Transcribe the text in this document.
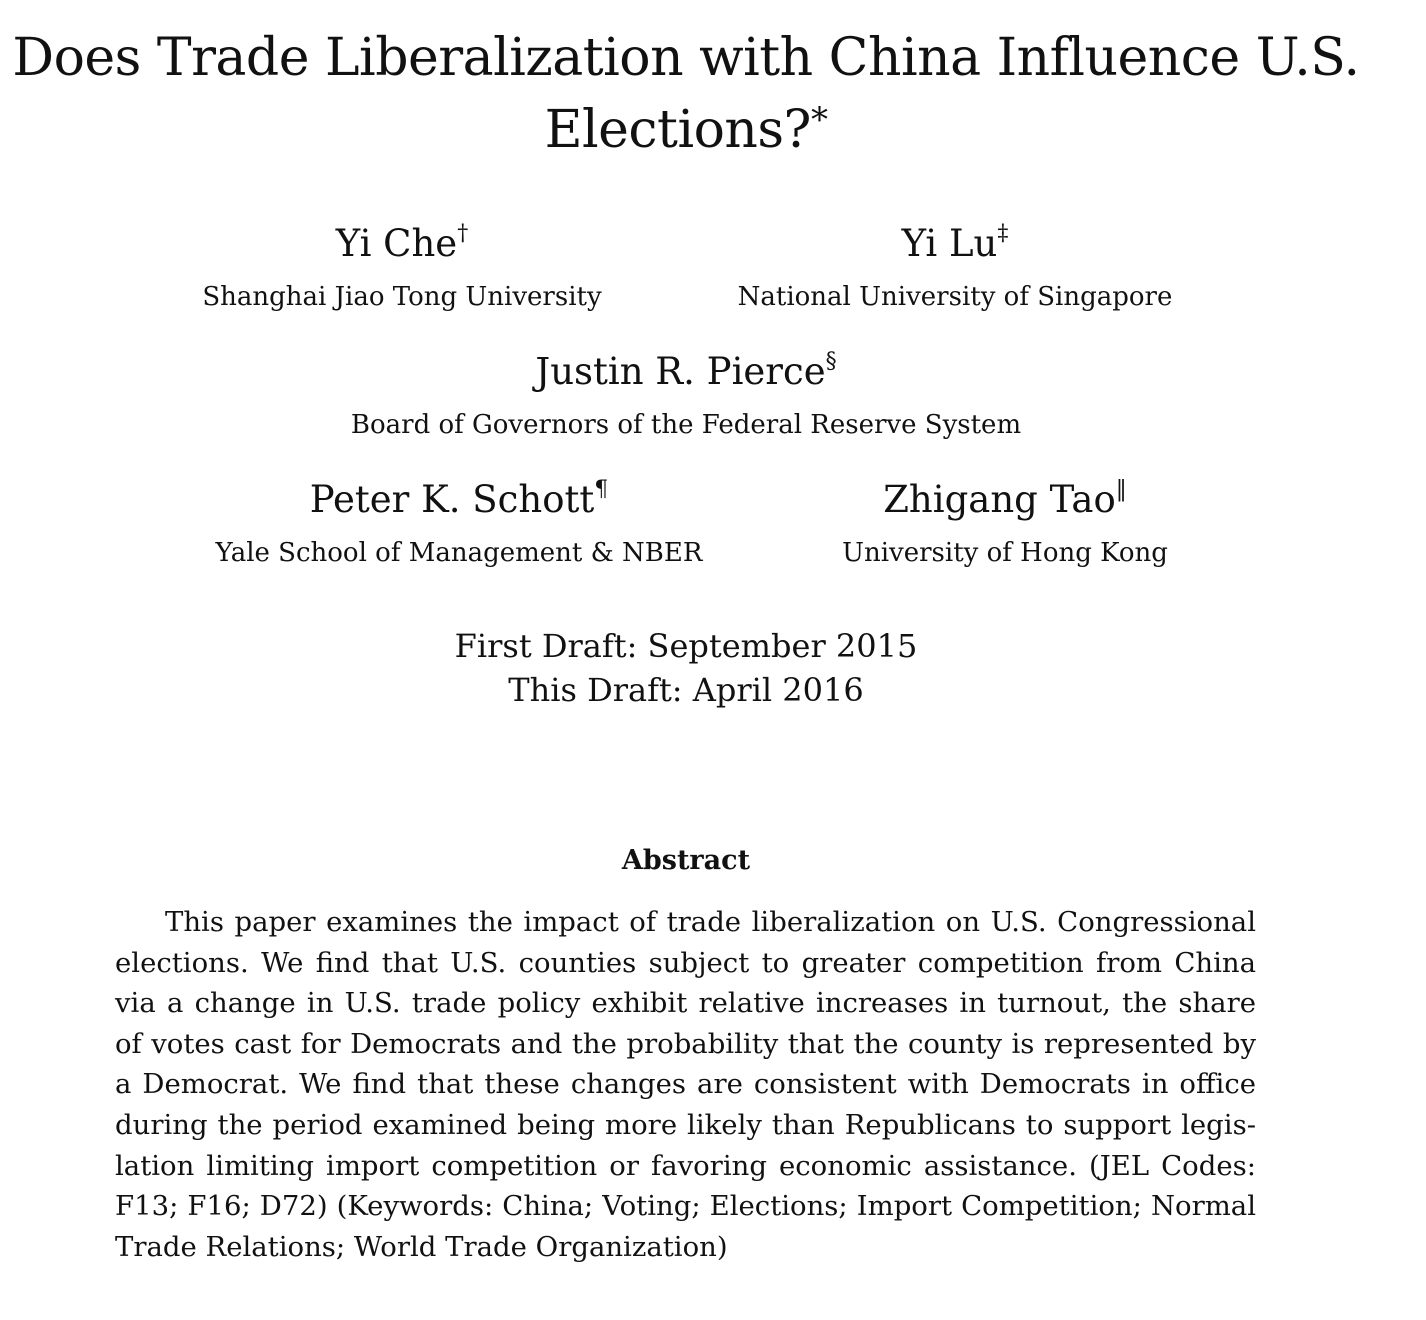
Does Trade Liberalization with China Influence U.S. Elections?*
Yi Che†
Shanghai Jiao Tong University
Yi Lu‡
National University of Singapore
Justin R. Pierce§
Board of Governors of the Federal Reserve System
Peter K. Schott¶
Yale School of Management & NBER
Zhigang Tao‖
University of Hong Kong
First Draft: September 2015
This Draft: April 2016
Abstract

This paper examines the impact of trade liberalization on U.S. Congressional elections. We find that U.S. counties subject to greater competition from China via a change in U.S. trade policy exhibit relative increases in turnout, the share of votes cast for Democrats and the probability that the county is represented by a Democrat. We find that these changes are consistent with Democrats in office during the period examined being more likely than Republicans to support legislation limiting import competition or favoring economic assistance. (JEL Codes: F13; F16; D72) (Keywords: China; Voting; Elections; Import Competition; Normal Trade Relations; World Trade Organization)
